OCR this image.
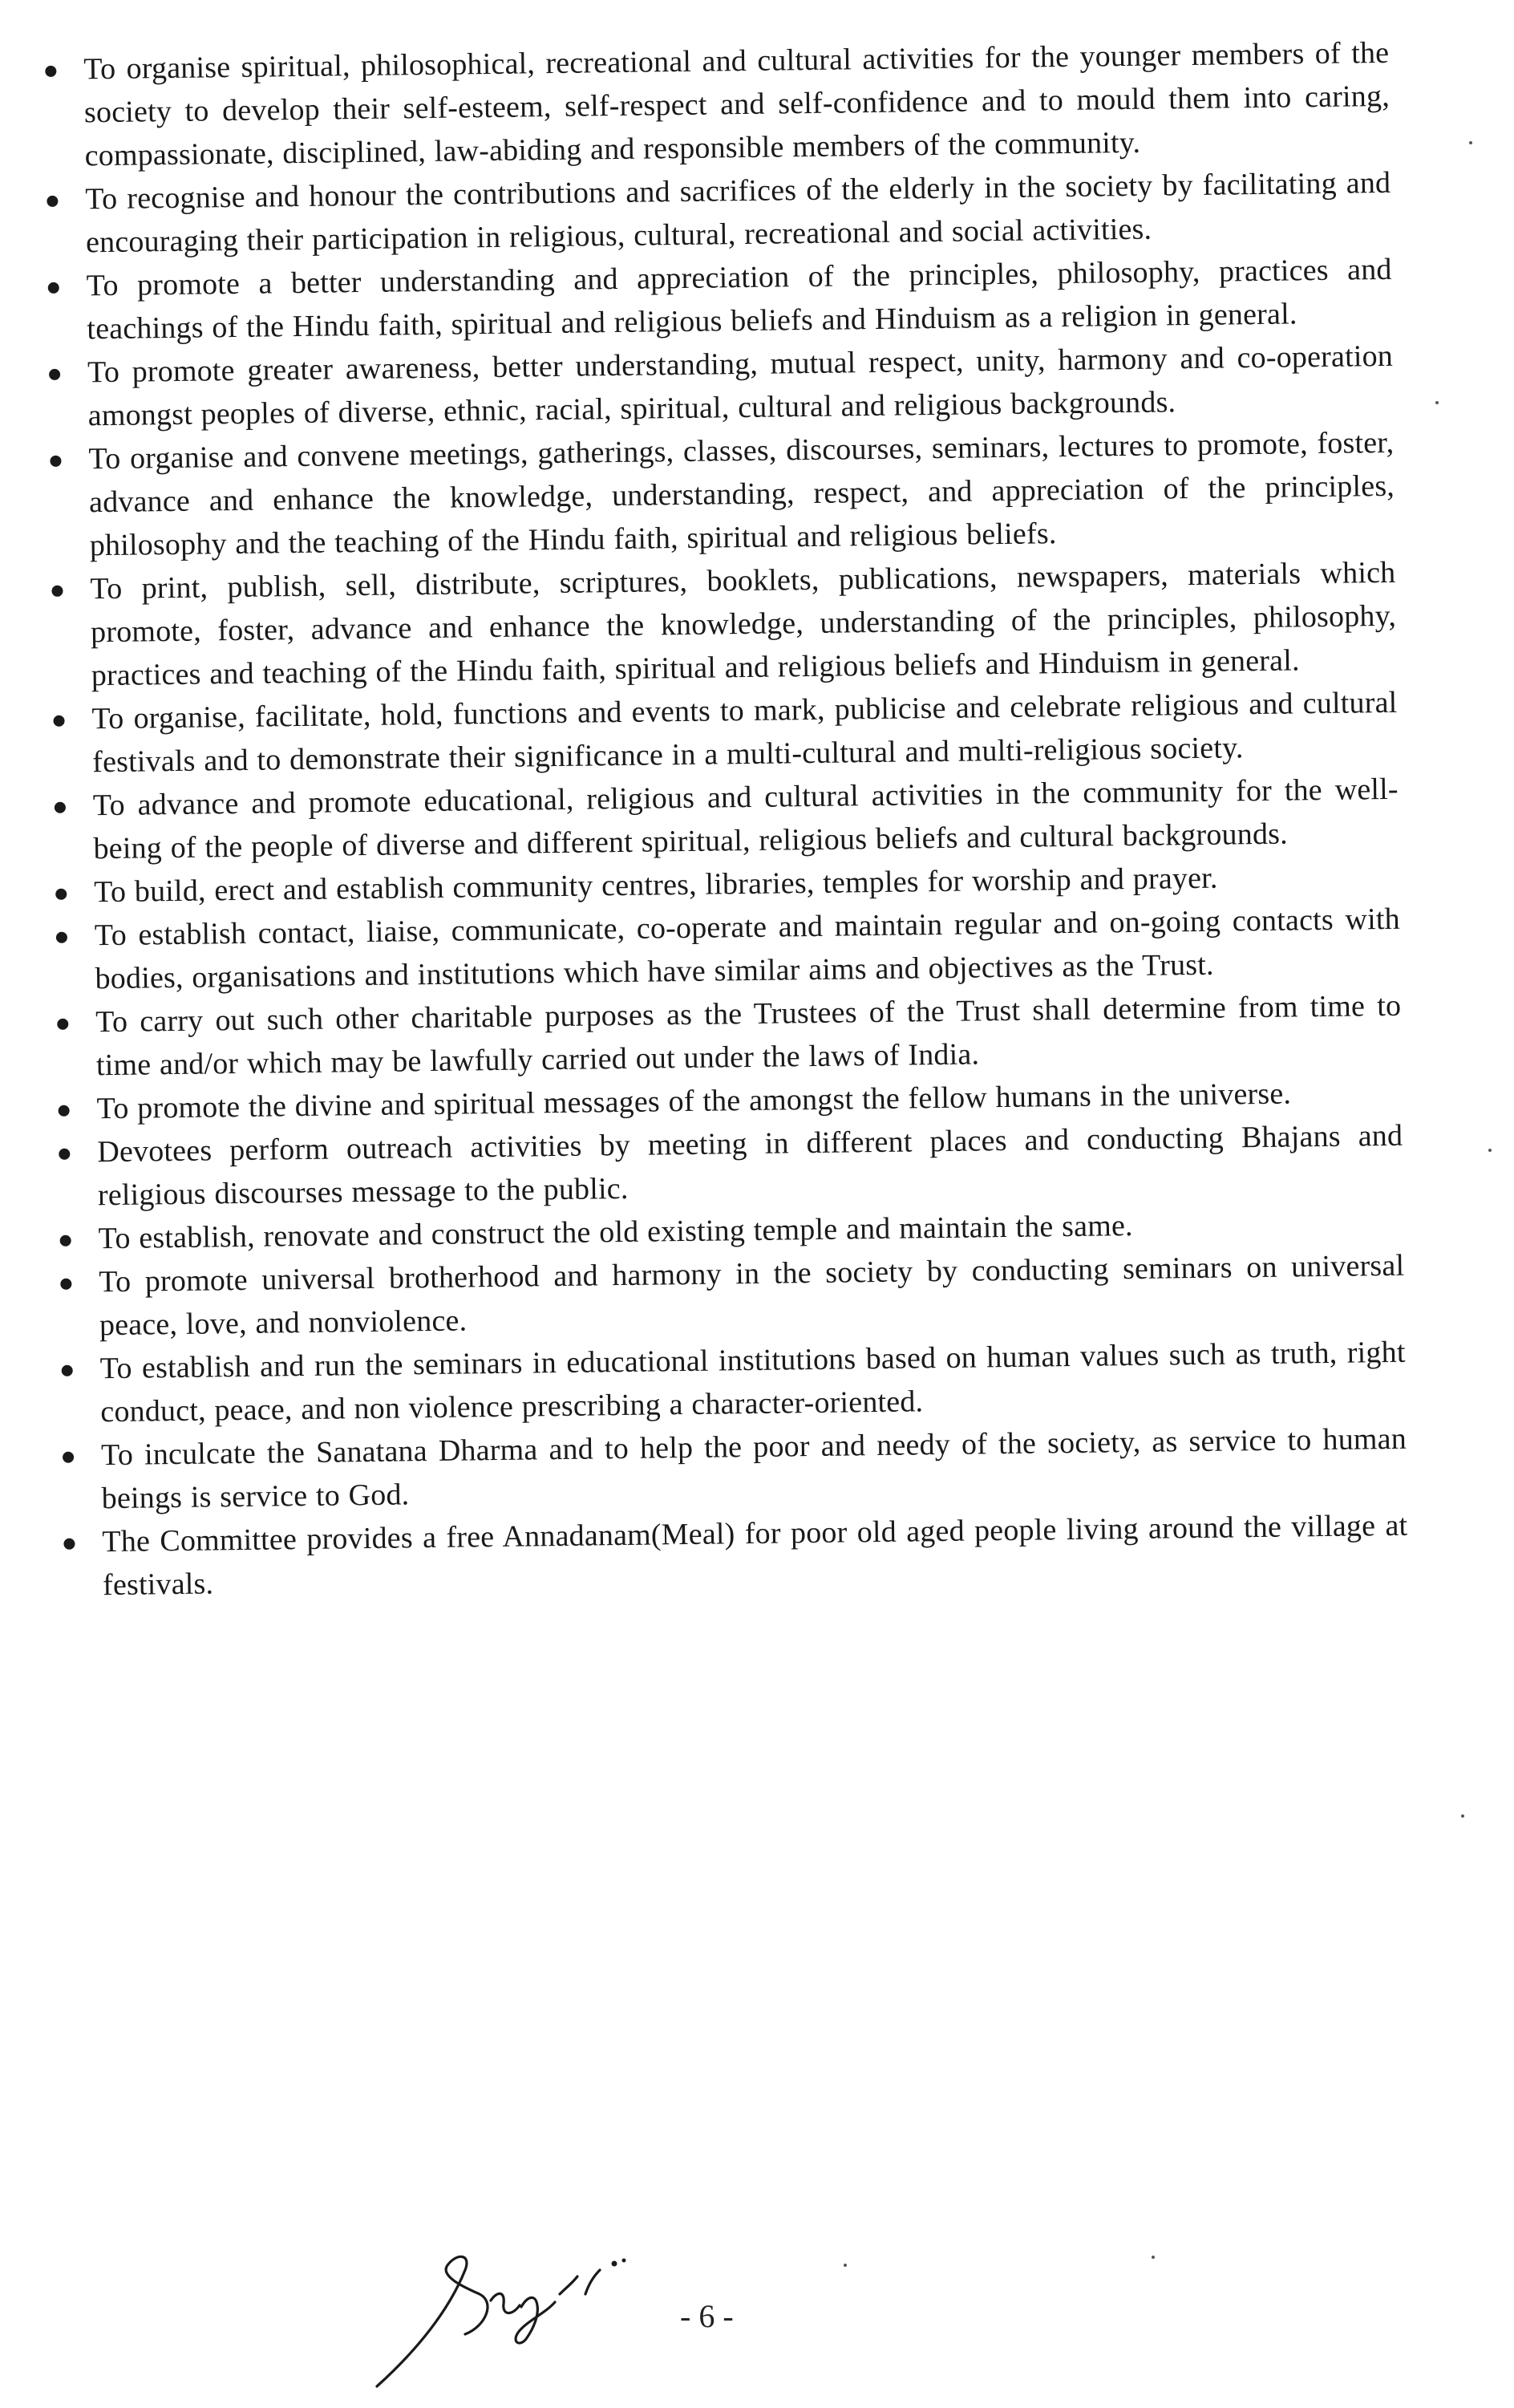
To organise spiritual, philosophical, recreational and cultural activities for the younger members of the society to develop their self-esteem, self-respect and self-confidence and to mould them into caring, compassionate, disciplined, law-abiding and responsible members of the community.
To recognise and honour the contributions and sacrifices of the elderly in the society by facilitating and encouraging their participation in religious, cultural, recreational and social activities.
To promote a better understanding and appreciation of the principles, philosophy, practices and teachings of the Hindu faith, spiritual and religious beliefs and Hinduism as a religion in general.
To promote greater awareness, better understanding, mutual respect, unity, harmony and co-operation amongst peoples of diverse, ethnic, racial, spiritual, cultural and religious backgrounds.
To organise and convene meetings, gatherings, classes, discourses, seminars, lectures to promote, foster, advance and enhance the knowledge, understanding, respect, and appreciation of the principles, philosophy and the teaching of the Hindu faith, spiritual and religious beliefs.
To print, publish, sell, distribute, scriptures, booklets, publications, newspapers, materials which promote, foster, advance and enhance the knowledge, understanding of the principles, philosophy, practices and teaching of the Hindu faith, spiritual and religious beliefs and Hinduism in general.
To organise, facilitate, hold, functions and events to mark, publicise and celebrate religious and cultural festivals and to demonstrate their significance in a multi-cultural and multi-religious society.
To advance and promote educational, religious and cultural activities in the community for the well-being of the people of diverse and different spiritual, religious beliefs and cultural backgrounds.
To build, erect and establish community centres, libraries, temples for worship and prayer.
To establish contact, liaise, communicate, co-operate and maintain regular and on-going contacts with bodies, organisations and institutions which have similar aims and objectives as the Trust.
To carry out such other charitable purposes as the Trustees of the Trust shall determine from time to time and/or which may be lawfully carried out under the laws of India.
To promote the divine and spiritual messages of the amongst the fellow humans in the universe.
Devotees perform outreach activities by meeting in different places and conducting Bhajans and religious discourses message to the public.
To establish, renovate and construct the old existing temple and maintain the same.
To promote universal brotherhood and harmony in the society by conducting seminars on universal peace, love, and nonviolence.
To establish and run the seminars in educational institutions based on human values such as truth, right conduct, peace, and non violence prescribing a character-oriented.
To inculcate the Sanatana Dharma and to help the poor and needy of the society, as service to human beings is service to God.
The Committee provides a free Annadanam(Meal) for poor old aged people living around the village at festivals.
- 6 -
